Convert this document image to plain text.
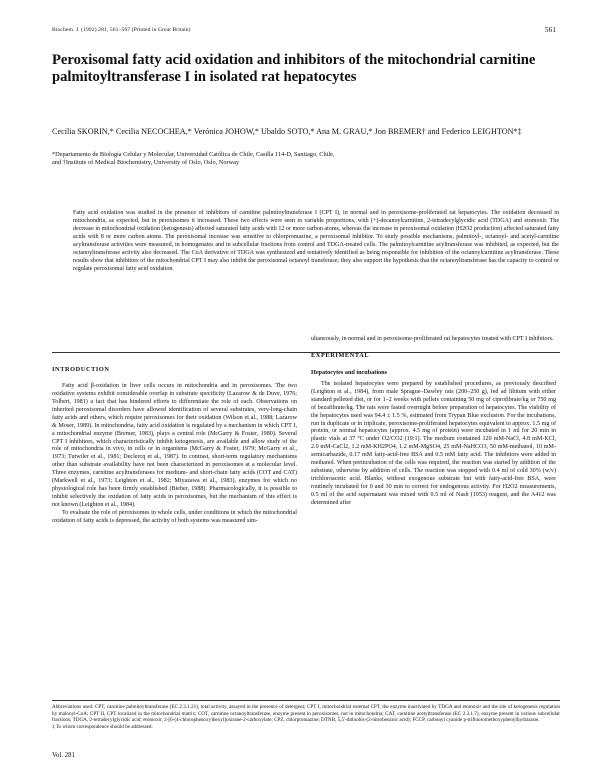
Biochem. J. (1992) 281, 561–567 (Printed in Great Britain)	561
Peroxisomal fatty acid oxidation and inhibitors of the mitochondrial carnitine palmitoyltransferase I in isolated rat hepatocytes
Cecilia SKORIN,* Cecilia NECOCHEA,* Verónica JOHOW,* Ubaldo SOTO,* Ana M. GRAU,* Jon BREMER† and Federico LEIGHTON*‡
*Departamento de Biología Celular y Molecular, Universidad Católica de Chile, Casilla 114-D, Santiago, Chile,
and †Institute of Medical Biochemistry, University of Oslo, Oslo, Norway
Fatty acid oxidation was studied in the presence of inhibitors of carnitine palmitoyltransferase I (CPT I), in normal and in peroxisome-proliferated rat hepatocytes. The oxidation decreased in mitochondria, as expected, but in peroxisomes it increased. These two effects were seen in variable proportions, with (+)-decanoylcarnitine, 2-tetradecylglycidic acid (TDGA) and etomoxir. The decrease in mitochondrial oxidation (ketogenesis) affected saturated fatty acids with 12 or more carbon atoms, whereas the increase in peroxisomal oxidation (H2O2 production) affected saturated fatty acids with 8 or more carbon atoms. The peroxisomal increase was sensitive to chlorpromazine, a peroxisomal inhibitor. To study possible mechanisms, palmitoyl-, octanoyl- and acetyl-carnitine acyltransferase activities were measured, in homogenates and in subcellular fractions from control and TDGA-treated cells. The palmitoylcarnitine acyltransferase was inhibited, as expected, but the octanoyltransferase activity also decreased. The CoA derivative of TDGA was synthesized and tentatively identified as being responsible for inhibition of the octanoylcarnitine acyltransferase. These results show that inhibitors of the mitochondrial CPT I may also inhibit the peroxisomal octanoyl transferase; they also support the hypothesis that the octanoyltransferase has the capacity to control or regulate peroxisomal fatty acid oxidation.
INTRODUCTION

Fatty acid β-oxidation in liver cells occurs in mitochondria and in peroxisomes. The two oxidative systems exhibit considerable overlap in substrate specificity (Lazarow & de Duve, 1976; Tolbert, 1981) a fact that has hindered efforts to differentiate the role of each. Observations on inherited peroxisomal disorders have allowed identification of several substrates, very-long-chain fatty acids and others, which require peroxisomes for their oxidation (Wilson et al., 1988; Lazarow & Moser, 1989). In mitochondria, fatty acid oxidation is regulated by a mechanism in which CPT I, a mitochondrial enzyme (Bremer, 1983), plays a central role (McGarry & Foster, 1980). Several CPT I inhibitors, which characteristically inhibit ketogenesis, are available and allow study of the role of mitochondria in vivo, in cells or in organisms (McGarry & Foster, 1979; McGarry et al., 1973; Tutwiler et al., 1981; Declercq et al., 1987). In contrast, short-term regulatory mechanisms other than substrate availability have not been characterized in peroxisomes at a molecular level. Three enzymes, carnitine acyltransferases for medium- and short-chain fatty acids (COT and CAT) (Markwell et al., 1973; Leighton et al., 1982; Miyazawa et al., 1983), enzymes for which no physiological role has been firmly established (Bieber, 1988). Pharmacologically, it is possible to inhibit selectively the oxidation of fatty acids in peroxisomes, but the mechanism of this effect is not known (Leighton et al., 1984).

To evaluate the role of peroxisomes in whole cells, under conditions in which the mitochondrial oxidation of fatty acids is depressed, the activity of both systems was measured sim-

ultaneously, in normal and in peroxisome-proliferated rat hepatocytes treated with CPT I inhibitors.

EXPERIMENTAL
Hepatocytes and incubations

The isolated hepatocytes were prepared by established procedures, as previously described (Leighton et al., 1984), from male Sprague–Dawley rats (200–250 g), fed ad libitum with either standard pelleted diet, or for 1–2 weeks with pellets containing 50 mg of ciprofibrate/kg or 750 mg of bezafibrate/kg. The rats were fasted overnight before preparation of hepatocytes. The viability of the hepatocytes used was 94.4 ± 1.5 %, estimated from Trypan Blue exclusion. For the incubations, run in duplicate or in triplicate, peroxisome-proliferated hepatocytes equivalent to approx. 1.5 mg of protein, or normal hepatocytes (approx. 4.5 mg of protein) were incubated in 1 ml for 20 min in plastic vials at 37 °C under O2/CO2 (19:1). The medium contained 120 mM-NaCl, 4.8 mM-KCl, 2.0 mM-CaCl2, 1.2 mM-KH2PO4, 1.2 mM-MgSO4, 25 mM-NaHCO3, 50 mM-methanol, 10 mM-semicarbazide, 0.17 mM fatty-acid-free BSA and 0.5 mM fatty acid. The inhibitors were added in methanol. When preincubation of the cells was required, the reaction was started by addition of the substrate, otherwise by addition of cells. The reaction was stopped with 0.4 ml of cold 30% (w/v) trichloroacetic acid. Blanks, without exogenous substrate but with fatty-acid-free BSA, were routinely incubated for 0 and 30 min to correct for endogenous activity. For H2O2 measurements, 0.5 ml of the acid supernatant was mixed with 0.5 ml of Nash (1953) reagent, and the A412 was determined after

Abbreviations used: CPT, carnitine palmitoyltransferase (EC 2.3.1.21), total activity, assayed in the presence of detergent; CPT I, mitochondrial external CPT, the enzyme inactivated by TDGA and etomoxir and the site of ketogenesis regulation by malonyl-CoA; CPT II, CPT localized in the mitochondrial matrix; COT, carnitine octanoyltransferase, enzyme present in peroxisomes, not in mitochondria; CAT, carnitine acetyltransferase (EC 2.3.1.7), enzyme present in various subcellular fractions; TDGA, 2-tetradecylglycidic acid; etomoxir, 2-[6-(4-chlorophenoxy)hexyl]oxirane-2-carboxylate; CPZ, chlorpromazine; DTNB, 5,5'-dithiobis-(2-nitrobenzoic acid); FCCP, carbonyl cyanide p-trifluoromethoxyphenylhydrazone.
‡ To whom correspondence should be addressed.
Vol. 281
